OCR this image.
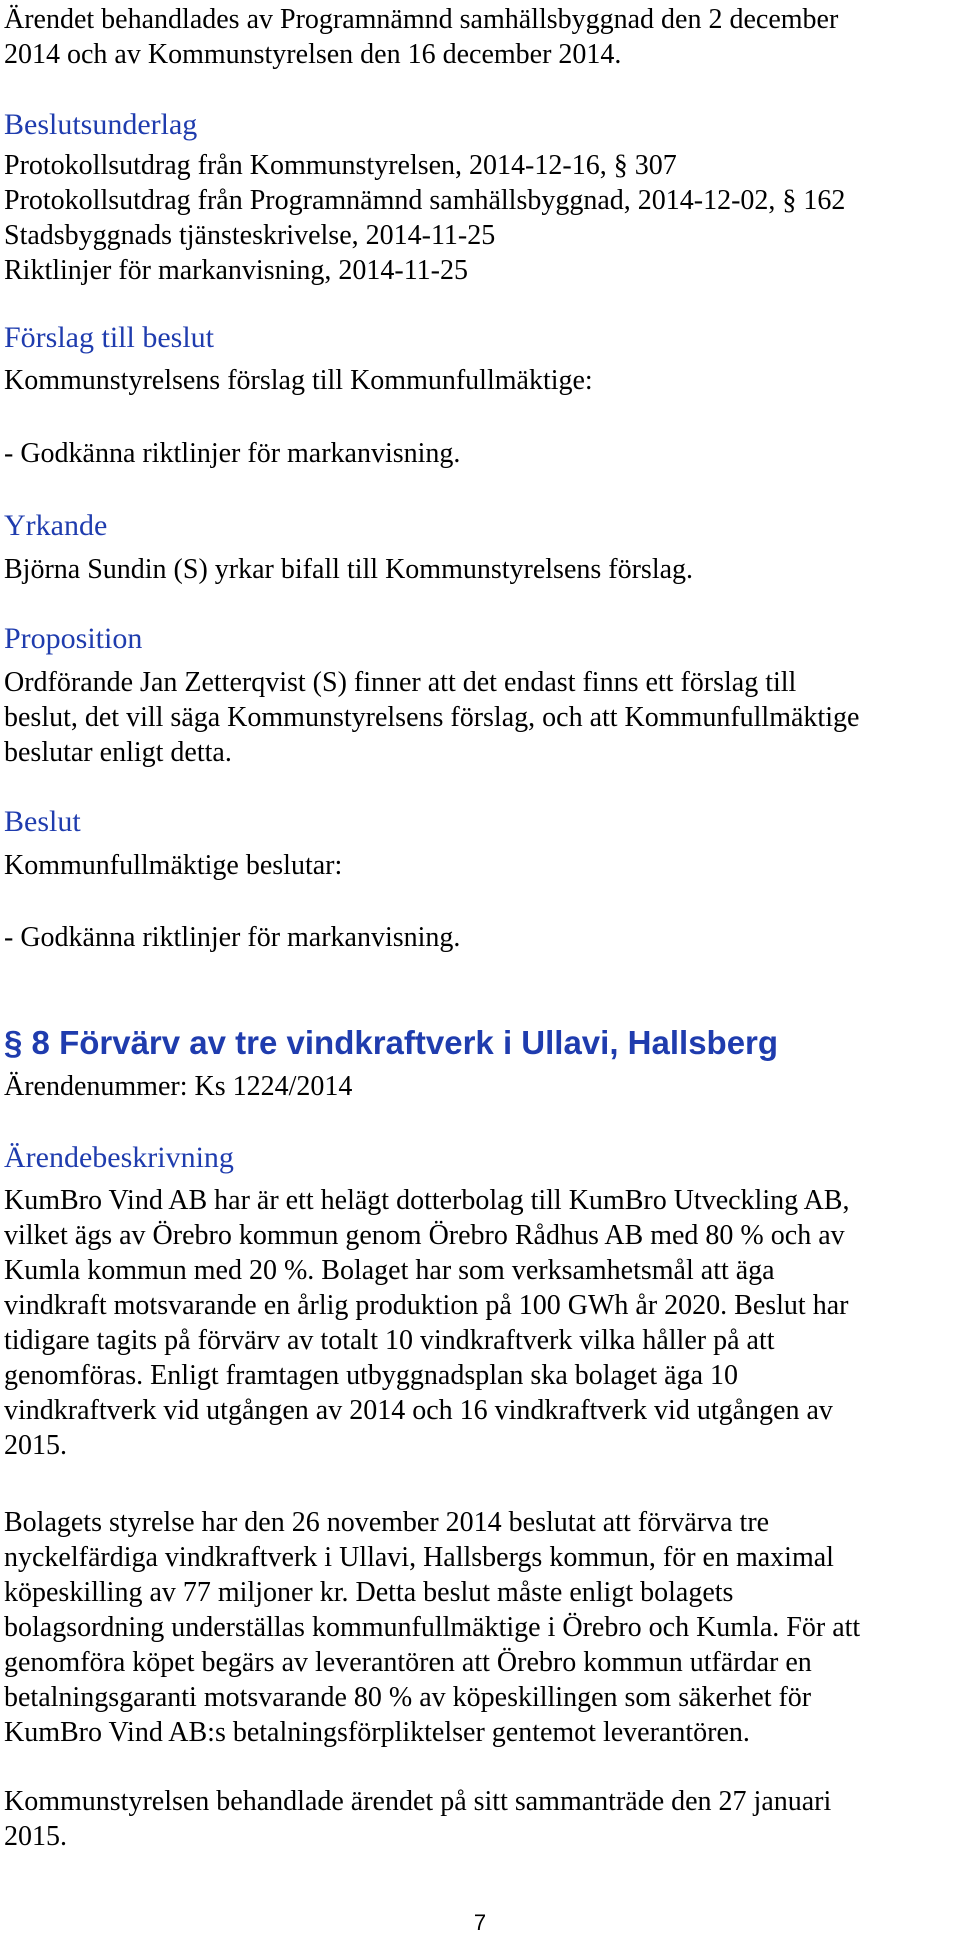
Ärendet behandlades av Programnämnd samhällsbyggnad den 2 december
2014 och av Kommunstyrelsen den 16 december 2014.

Beslutsunderlag

Protokollsutdrag från Kommunstyrelsen, 2014-12-16, § 307
Protokollsutdrag från Programnämnd samhällsbyggnad, 2014-12-02, § 162
Stadsbyggnads tjänsteskrivelse, 2014-11-25
Riktlinjer för markanvisning, 2014-11-25

Förslag till beslut

Kommunstyrelsens förslag till Kommunfullmäktige:

- Godkänna riktlinjer för markanvisning.

Yrkande

Björna Sundin (S) yrkar bifall till Kommunstyrelsens förslag.

Proposition

Ordförande Jan Zetterqvist (S) finner att det endast finns ett förslag till
beslut, det vill säga Kommunstyrelsens förslag, och att Kommunfullmäktige
beslutar enligt detta.

Beslut

Kommunfullmäktige beslutar:

- Godkänna riktlinjer för markanvisning.

§ 8 Förvärv av tre vindkraftverk i Ullavi, Hallsberg

Ärendenummer: Ks 1224/2014

Ärendebeskrivning

KumBro Vind AB har är ett helägt dotterbolag till KumBro Utveckling AB,
vilket ägs av Örebro kommun genom Örebro Rådhus AB med 80 % och av
Kumla kommun med 20 %. Bolaget har som verksamhetsmål att äga
vindkraft motsvarande en årlig produktion på 100 GWh år 2020. Beslut har
tidigare tagits på förvärv av totalt 10 vindkraftverk vilka håller på att
genomföras. Enligt framtagen utbyggnadsplan ska bolaget äga 10
vindkraftverk vid utgången av 2014 och 16 vindkraftverk vid utgången av
2015.

Bolagets styrelse har den 26 november 2014 beslutat att förvärva tre
nyckelfärdiga vindkraftverk i Ullavi, Hallsbergs kommun, för en maximal
köpeskilling av 77 miljoner kr. Detta beslut måste enligt bolagets
bolagsordning underställas kommunfullmäktige i Örebro och Kumla. För att
genomföra köpet begärs av leverantören att Örebro kommun utfärdar en
betalningsgaranti motsvarande 80 % av köpeskillingen som säkerhet för
KumBro Vind AB:s betalningsförpliktelser gentemot leverantören.

Kommunstyrelsen behandlade ärendet på sitt sammanträde den 27 januari
2015.

7
